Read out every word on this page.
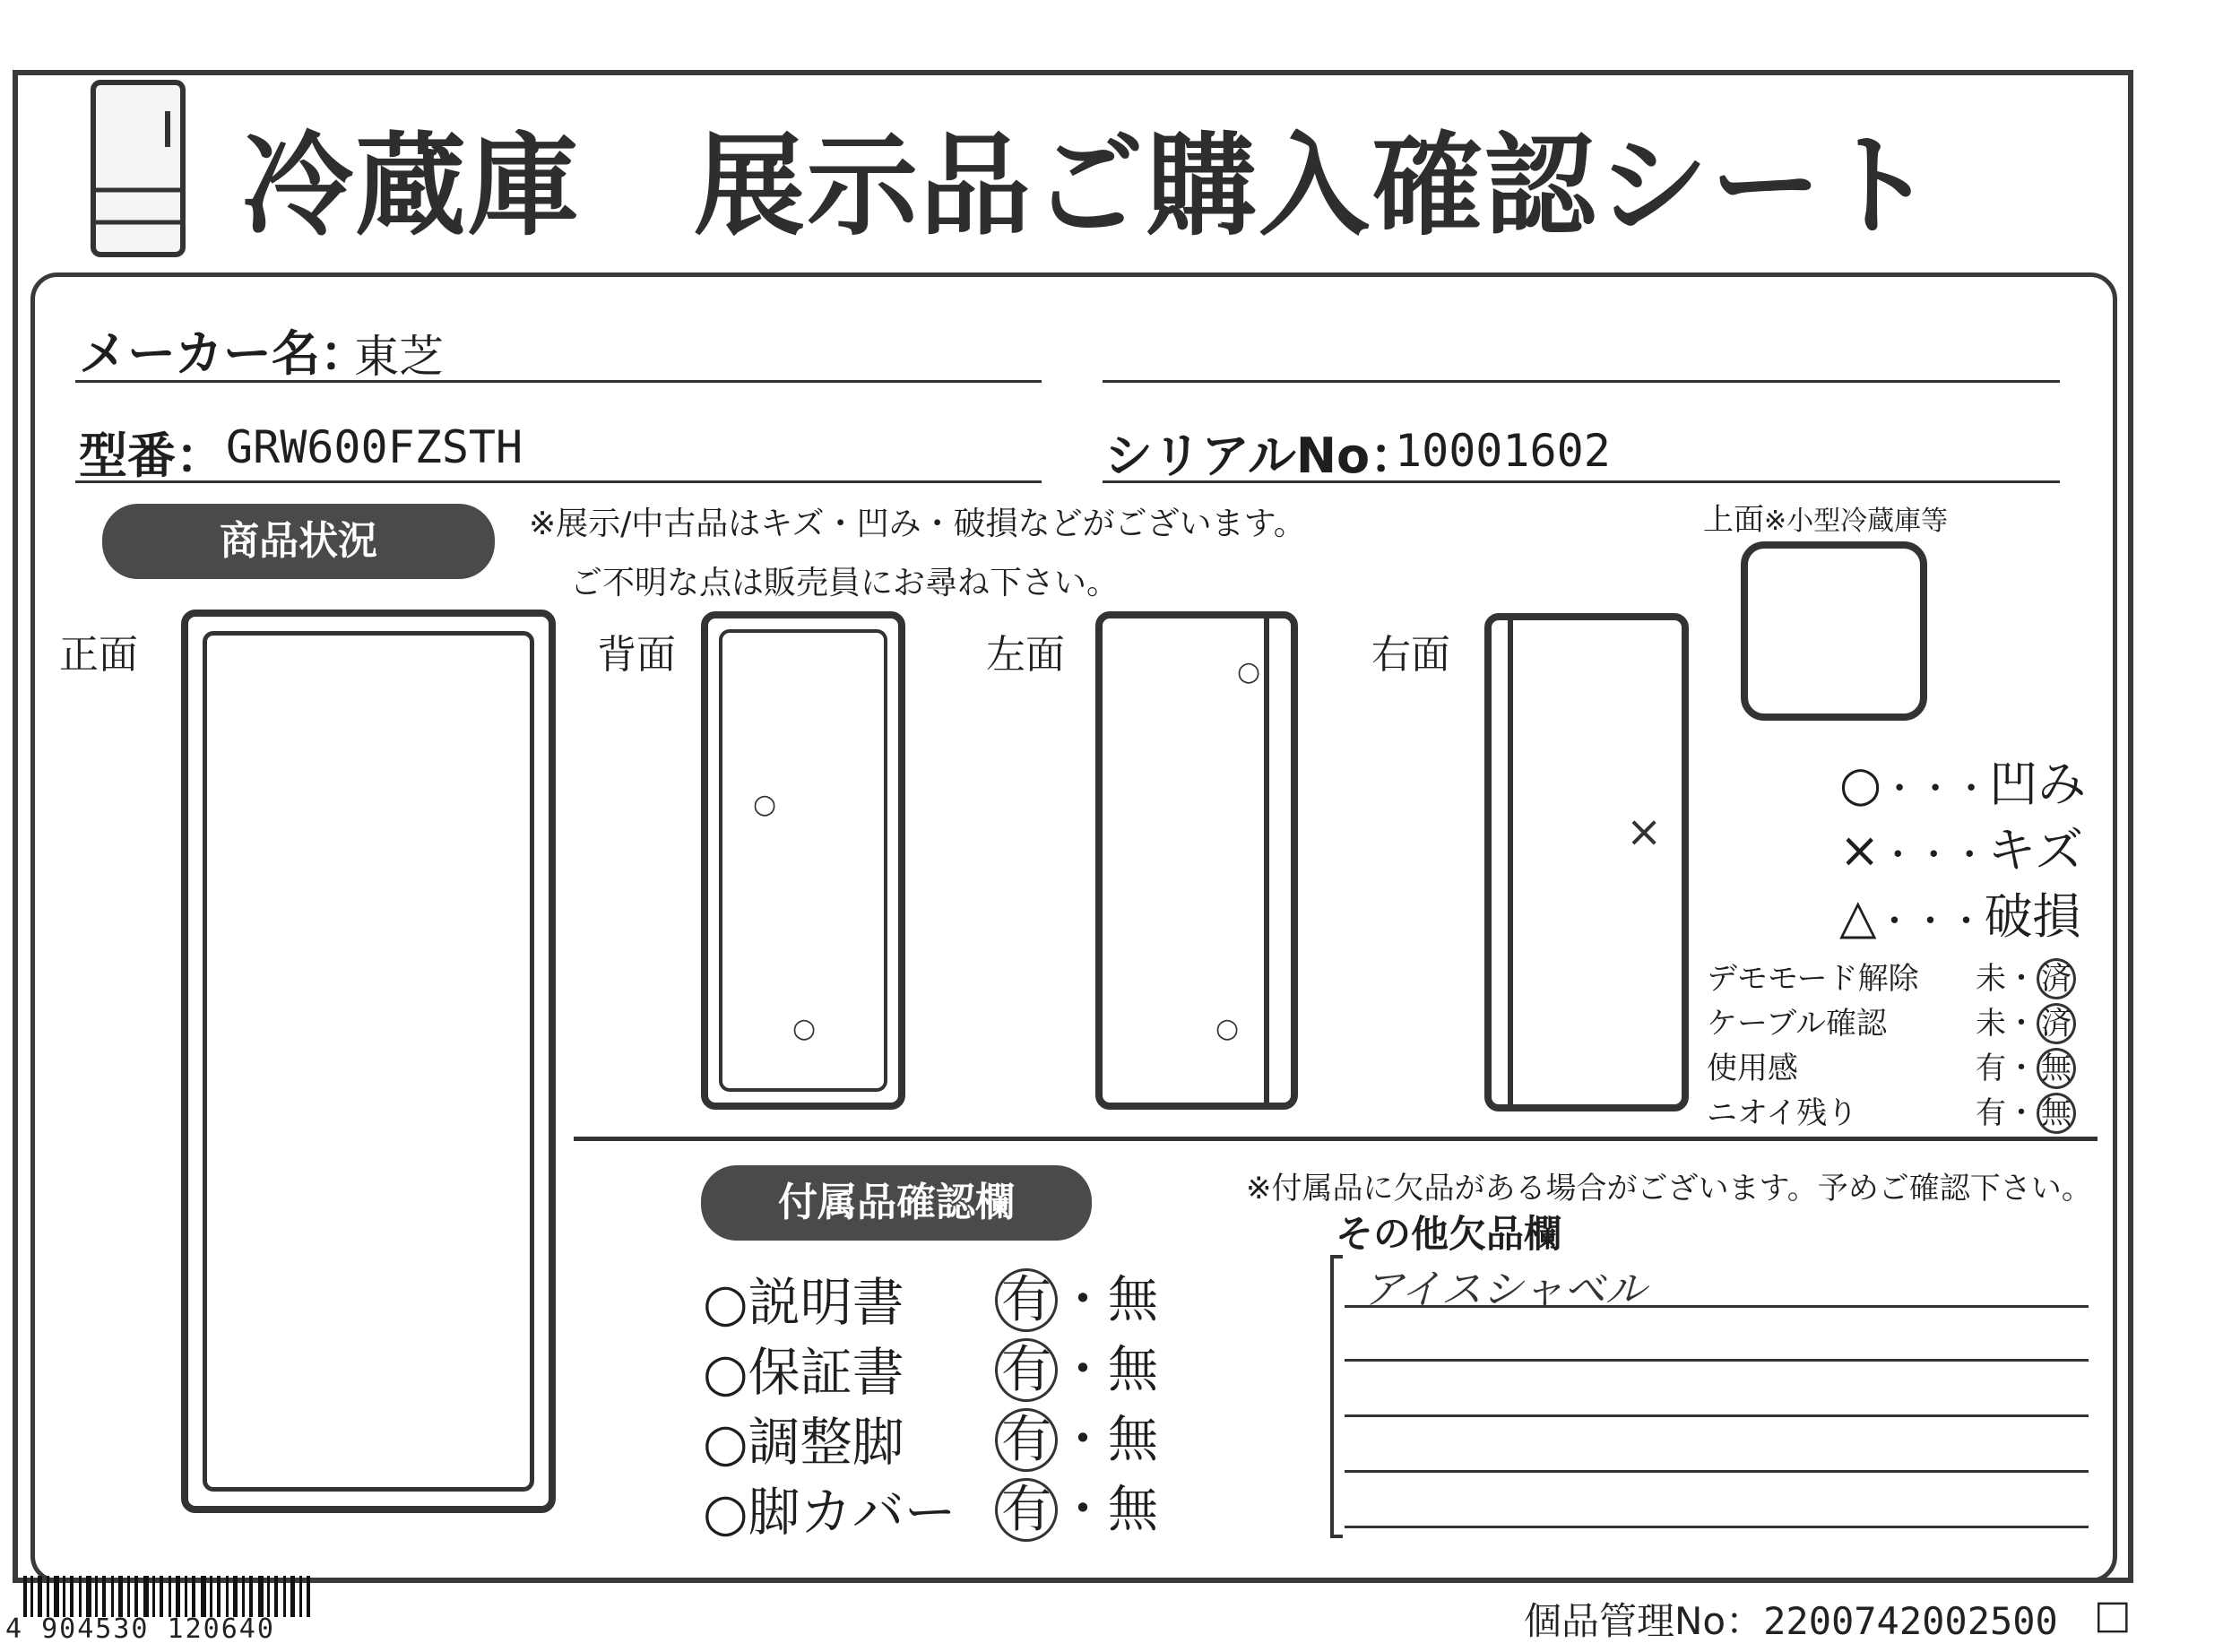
冷蔵庫　展示品ご購入確認シート
メーカー名：
東芝
型番： GRW600FZSTH	シリアルNo：
10001602
商品状況	※展示/中古品はキズ・凹み・破損などがございます。
ご不明な点は販売員にお尋ね下さい。
正面	背面	左面	右面
○
○
○
○
×
上面※小型冷蔵庫等
○・・・凹み
×・・・キズ
△・・・破損
デモモード解除 未・ 済
ケーブル確認	未・ 済
使用感	有・ 無
ニオイ残り	有・ 無
付属品確認欄	※付属品に欠品がある場合がございます。予めご確認下さい。
○説明書 有 ・無
○保証書 有 ・無
○調整脚 有 ・無
○脚カバー 有 ・無
その他欠品欄
アイスシャベル
4 904530 120640	個品管理No：2200742002500 □
